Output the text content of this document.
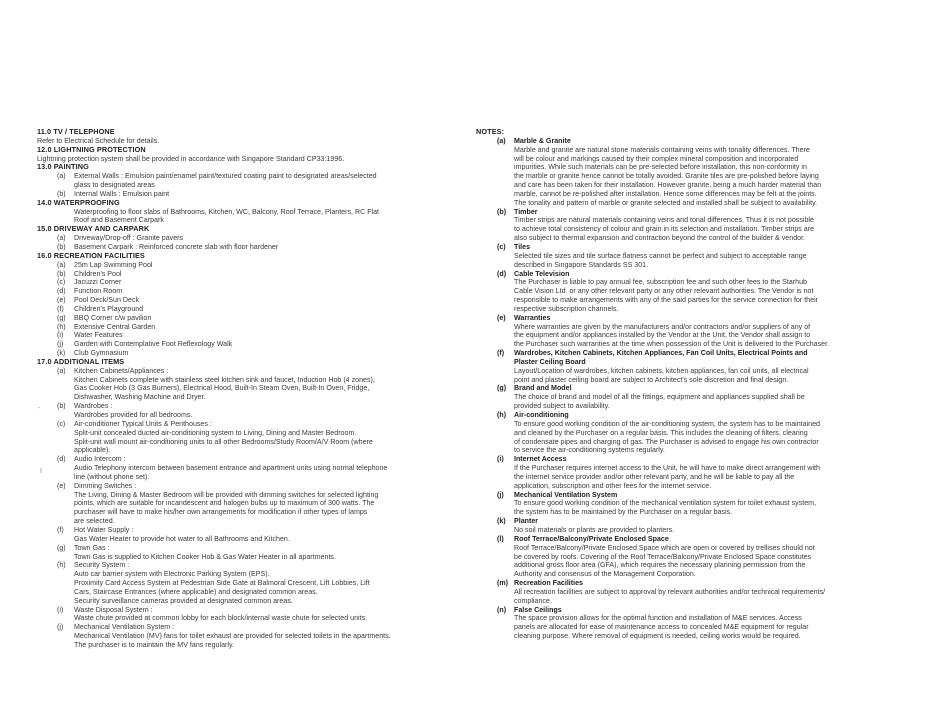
11.0 TV / TELEPHONE
Refer to Electrical Schedule for details.
12.0 LIGHTNING PROTECTION
Lightning protection system shall be provided in accordance with Singapore Standard CP33:1996.
13.0 PAINTING
(a) External Walls : Emulsion paint/enamel paint/textured coating paint to designated areas/selected
glass to designated areas
(b) Internal Walls : Emulsion paint
14.0 WATERPROOFING
Waterproofing to floor slabs of Bathrooms, Kitchen, WC, Balcony, Roof Terrace, Planters, RC Flat
Roof and Basement Carpark
15.0 DRIVEWAY AND CARPARK
(a) Driveway/Drop-off : Granite pavers
(b) Basement Carpark : Reinforced concrete slab with floor hardener
16.0 RECREATION FACILITIES
(a) 25m Lap Swimming Pool
(b) Children's Pool
(c) Jacuzzi Corner
(d) Function Room
(e) Pool Deck/Sun Deck
(f) Children's Playground
(g) BBQ Corner c/w pavilion
(h) Extensive Central Garden
(i) Water Features
(j) Garden with Contemplative Foot Reflexology Walk
(k) Club Gymnasium
17.0 ADDITIONAL ITEMS
(a) Kitchen Cabinets/Appliances :
Kitchen Cabinets complete with stainless steel kitchen sink and faucet, Induction Hob (4 zones),
Gas Cooker Hob (3 Gas Burners), Electrical Hood, Built-In Steam Oven, Built-In Oven, Fridge,
Dishwasher, Washing Machine and Dryer.
(b) Wardrobes :
Wardrobes provided for all bedrooms.
(c) Air-conditioner Typical Units & Penthouses :
Split-unit concealed ducted air-conditioning system to Living, Dining and Master Bedroom.
Split-unit wall mount air-conditioning units to all other Bedrooms/Study Room/A/V Room (where
applicable).
(d) Audio Intercom :
Audio Telephony intercom between basement entrance and apartment units using normal telephone
line (without phone set).
(e) Dimming Switches :
The Living, Dining & Master Bedroom will be provided with dimming switches for selected lighting
points, which are suitable for incandescent and halogen bulbs up to maximum of 300 watts. The
purchaser will have to make his/her own arrangements for modification if other types of lamps
are selected.
(f) Hot Water Supply :
Gas Water Heater to provide hot water to all Bathrooms and Kitchen.
(g) Town Gas :
Town Gas is supplied to Kitchen Cooker Hob & Gas Water Heater in all apartments.
(h) Security System :
Auto car barrier system with Electronic Parking System (EPS).
Proximity Card Access System at Pedestrian Side Gate at Balmoral Crescent, Lift Lobbies, Lift
Cars, Staircase Entrances (where applicable) and designated common areas.
Security surveillance cameras provided at designated common areas.
(i) Waste Disposal System :
Waste chute provided at common lobby for each block/internal waste chute for selected units.
(j) Mechanical Ventilation System :
Mechanical Ventilation (MV) fans for toilet exhaust are provided for selected toilets in the apartments.
The purchaser is to maintain the MV fans regularly.
NOTES:
(a) Marble & Granite
Marble and granite are natural stone materials containing veins with tonality differences. There
will be colour and markings caused by their complex mineral composition and incorporated
impurities. While such materials can be pre-selected before installation, this non-conformity in
the marble or granite hence cannot be totally avoided. Granite tiles are pre-polished before laying
and care has been taken for their installation. However granite, being a much harder material than
marble, cannot be re-polished after installation. Hence some differences may be felt at the joints.
The tonality and pattern of marble or granite selected and installed shall be subject to availability.
(b) Timber
Timber strips are natural materials containing veins and tonal differences. Thus it is not possible
to achieve total consistency of colour and grain in its selection and installation. Timber strips are
also subject to thermal expansion and contraction beyond the control of the builder & vendor.
(c) Tiles
Selected tile sizes and tile surface flatness cannot be perfect and subject to acceptable range
described in Singapore Standards SS 301.
(d) Cable Television
The Purchaser is liable to pay annual fee, subscription fee and such other fees to the Starhub
Cable Vision Ltd. or any other relevant party or any other relevant authorities. The Vendor is not
responsible to make arrangements with any of the said parties for the service connection for their
respective subscription channels.
(e) Warranties
Where warranties are given by the manufacturers and/or contractors and/or suppliers of any of
the equipment and/or appliances installed by the Vendor at the Unit, the Vendor shall assign to
the Purchaser such warranties at the time when possession of the Unit is delivered to the Purchaser.
(f) Wardrobes, Kitchen Cabinets, Kitchen Appliances, Fan Coil Units, Electrical Points and
Plaster Ceiling Board
Layout/Location of wardrobes, kitchen cabinets, kitchen appliances, fan coil units, all electrical
point and plaster ceiling board are subject to Architect's sole discretion and final design.
(g) Brand and Model
The choice of brand and model of all the fittings, equipment and appliances supplied shall be
provided subject to availability.
(h) Air-conditioning
To ensure good working condition of the air-conditioning system, the system has to be maintained
and cleaned by the Purchaser on a regular basis. This includes the cleaning of filters, clearing
of condensate pipes and charging of gas. The Purchaser is advised to engage his own contractor
to service the air-conditioning systems regularly.
(i) Internet Access
If the Purchaser requires internet access to the Unit, he will have to make direct arrangement with
the internet service provider and/or other relevant party, and he will be liable to pay all the
application, subscription and other fees for the internet service.
(j) Mechanical Ventilation System
To ensure good working condition of the mechanical ventilation system for toilet exhaust system,
the system has to be maintained by the Purchaser on a regular basis.
(k) Planter
No soil materials or plants are provided to planters.
(l) Roof Terrace/Balcony/Private Enclosed Space
Roof Terrace/Balcony/Private Enclosed Space which are open or covered by trellises should not
be covered by roofs. Covering of the Roof Terrace/Balcony/Private Enclosed Space constitutes
additional gross floor area (GFA), which requires the necessary planning permission from the
Authority and consensus of the Management Corporation.
(m) Recreation Facilities
All recreation facilities are subject to approval by relevant authorities and/or technical requirements/
compliance.
(n) False Ceilings
The space provision allows for the optimal function and installation of M&E services. Access
panels are allocated for ease of maintenance access to concealed M&E equipment for regular
cleaning purpose. Where removal of equipment is needed, ceiling works would be required.
-
I
